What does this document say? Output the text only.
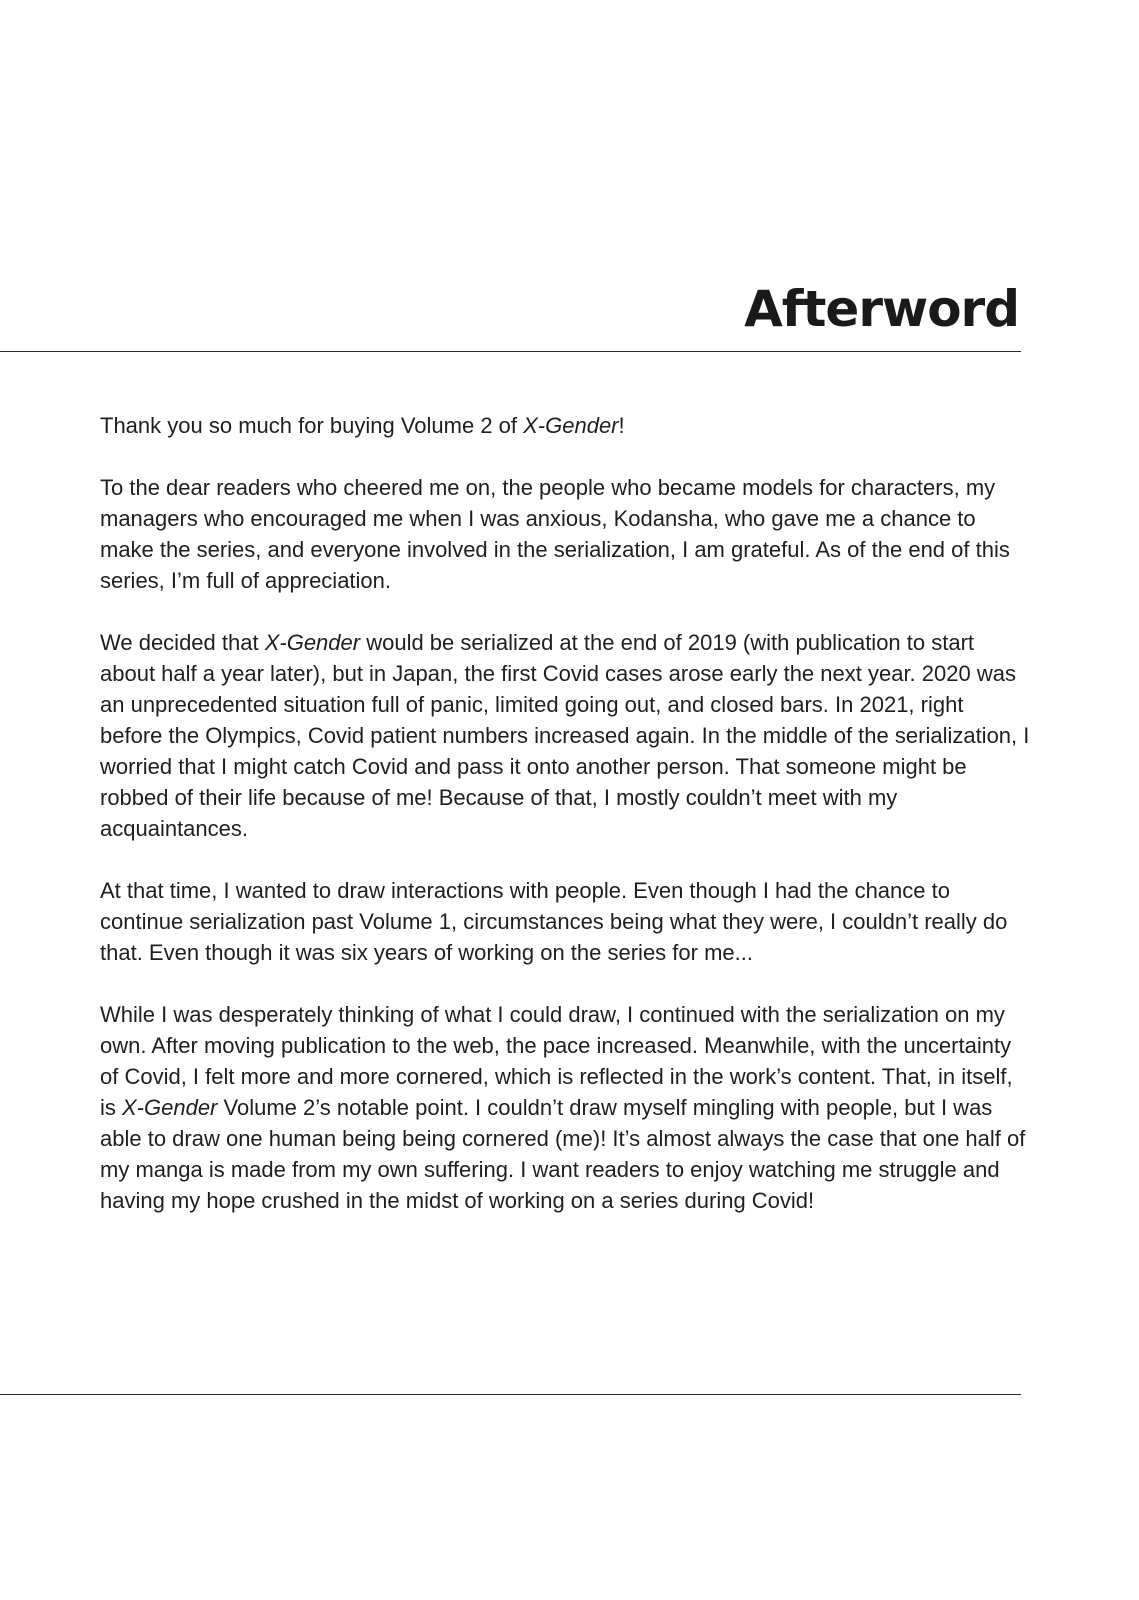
Afterword

Thank you so much for buying Volume 2 of X-Gender!

To the dear readers who cheered me on, the people who became models for characters, my managers who encouraged me when I was anxious, Kodansha, who gave me a chance to make the series, and everyone involved in the serialization, I am grateful. As of the end of this series, I’m full of appreciation.

We decided that X-Gender would be serialized at the end of 2019 (with publication to start about half a year later), but in Japan, the first Covid cases arose early the next year. 2020 was an unprecedented situation full of panic, limited going out, and closed bars. In 2021, right before the Olympics, Covid patient numbers increased again. In the middle of the serialization, I worried that I might catch Covid and pass it onto another person. That someone might be robbed of their life because of me! Because of that, I mostly couldn’t meet with my acquaintances.

At that time, I wanted to draw interactions with people. Even though I had the chance to continue serialization past Volume 1, circumstances being what they were, I couldn’t really do that. Even though it was six years of working on the series for me...

While I was desperately thinking of what I could draw, I continued with the serialization on my own. After moving publication to the web, the pace increased. Meanwhile, with the uncertainty of Covid, I felt more and more cornered, which is reflected in the work’s content. That, in itself, is X-Gender Volume 2’s notable point. I couldn’t draw myself mingling with people, but I was able to draw one human being being cornered (me)! It’s almost always the case that one half of my manga is made from my own suffering. I want readers to enjoy watching me struggle and having my hope crushed in the midst of working on a series during Covid!
